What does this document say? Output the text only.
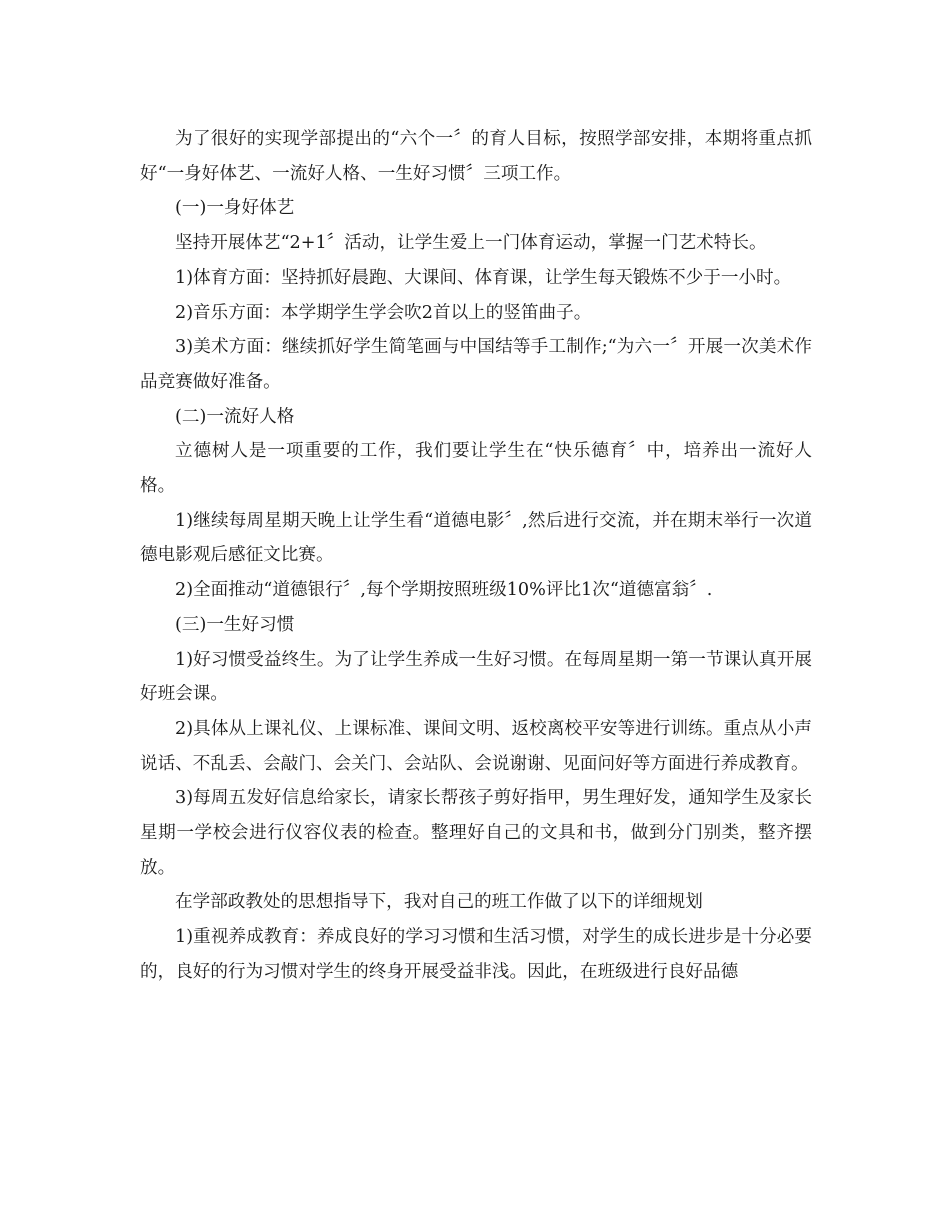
为了很好的实现学部提出的“六个一〞的育人目标，按照学部安排，本期将重点抓好“一身好体艺、一流好人格、一生好习惯〞三项工作。

(一)一身好体艺

坚持开展体艺“2+1〞活动，让学生爱上一门体育运动，掌握一门艺术特长。

1)体育方面：坚持抓好晨跑、大课间、体育课，让学生每天锻炼不少于一小时。

2)音乐方面：本学期学生学会吹2首以上的竖笛曲子。

3)美术方面：继续抓好学生简笔画与中国结等手工制作;“为六一〞开展一次美术作品竞赛做好准备。

(二)一流好人格

立德树人是一项重要的工作，我们要让学生在“快乐德育〞中，培养出一流好人格。

1)继续每周星期天晚上让学生看“道德电影〞,然后进行交流，并在期末举行一次道德电影观后感征文比赛。

2)全面推动“道德银行〞,每个学期按照班级10%评比1次“道德富翁〞.

(三)一生好习惯

1)好习惯受益终生。为了让学生养成一生好习惯。在每周星期一第一节课认真开展好班会课。

2)具体从上课礼仪、上课标准、课间文明、返校离校平安等进行训练。重点从小声说话、不乱丢、会敲门、会关门、会站队、会说谢谢、见面问好等方面进行养成教育。

3)每周五发好信息给家长，请家长帮孩子剪好指甲，男生理好发，通知学生及家长星期一学校会进行仪容仪表的检查。整理好自己的文具和书，做到分门别类，整齐摆放。

在学部政教处的思想指导下，我对自己的班工作做了以下的详细规划

1)重视养成教育：养成良好的学习习惯和生活习惯，对学生的成长进步是十分必要的，良好的行为习惯对学生的终身开展受益非浅。因此，在班级进行良好品德
